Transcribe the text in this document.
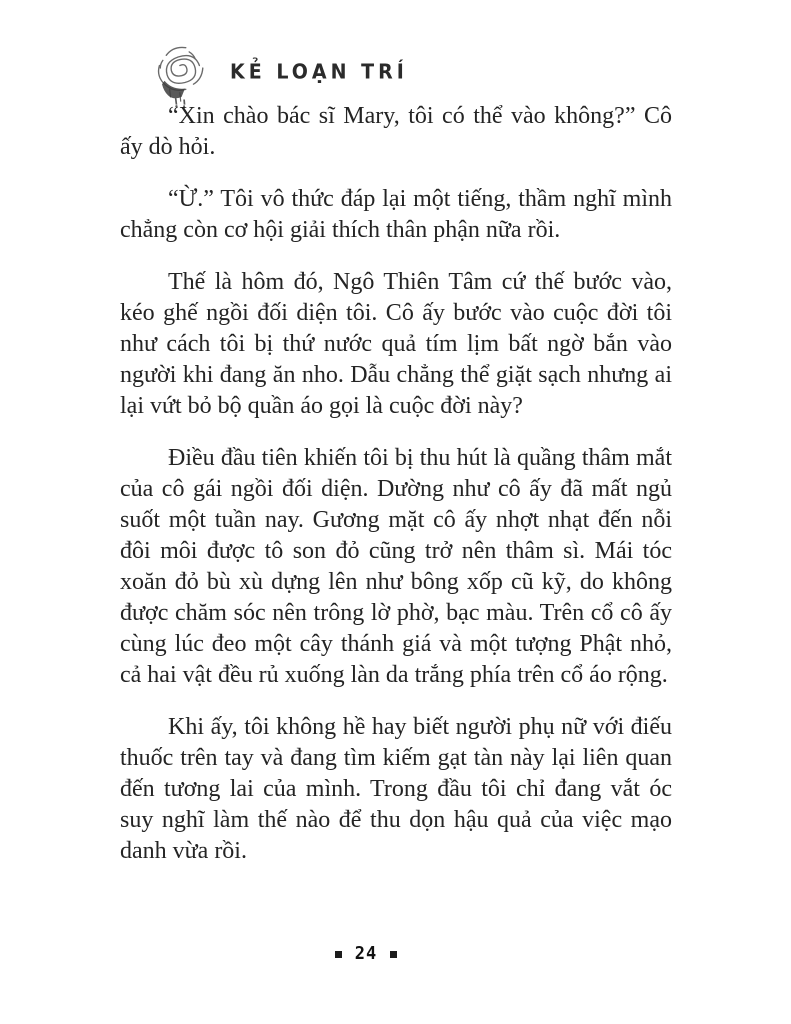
KẺ LOẠN TRÍ

“Xin chào bác sĩ Mary, tôi có thể vào không?” Cô ấy dò hỏi.

“Ừ.” Tôi vô thức đáp lại một tiếng, thầm nghĩ mình chẳng còn cơ hội giải thích thân phận nữa rồi.

Thế là hôm đó, Ngô Thiên Tâm cứ thế bước vào, kéo ghế ngồi đối diện tôi. Cô ấy bước vào cuộc đời tôi như cách tôi bị thứ nước quả tím lịm bất ngờ bắn vào người khi đang ăn nho. Dẫu chẳng thể giặt sạch nhưng ai lại vứt bỏ bộ quần áo gọi là cuộc đời này?

Điều đầu tiên khiến tôi bị thu hút là quầng thâm mắt của cô gái ngồi đối diện. Dường như cô ấy đã mất ngủ suốt một tuần nay. Gương mặt cô ấy nhợt nhạt đến nỗi đôi môi được tô son đỏ cũng trở nên thâm sì. Mái tóc xoăn đỏ bù xù dựng lên như bông xốp cũ kỹ, do không được chăm sóc nên trông lờ phờ, bạc màu. Trên cổ cô ấy cùng lúc đeo một cây thánh giá và một tượng Phật nhỏ, cả hai vật đều rủ xuống làn da trắng phía trên cổ áo rộng.

Khi ấy, tôi không hề hay biết người phụ nữ với điếu thuốc trên tay và đang tìm kiếm gạt tàn này lại liên quan đến tương lai của mình. Trong đầu tôi chỉ đang vắt óc suy nghĩ làm thế nào để thu dọn hậu quả của việc mạo danh vừa rồi.

24
